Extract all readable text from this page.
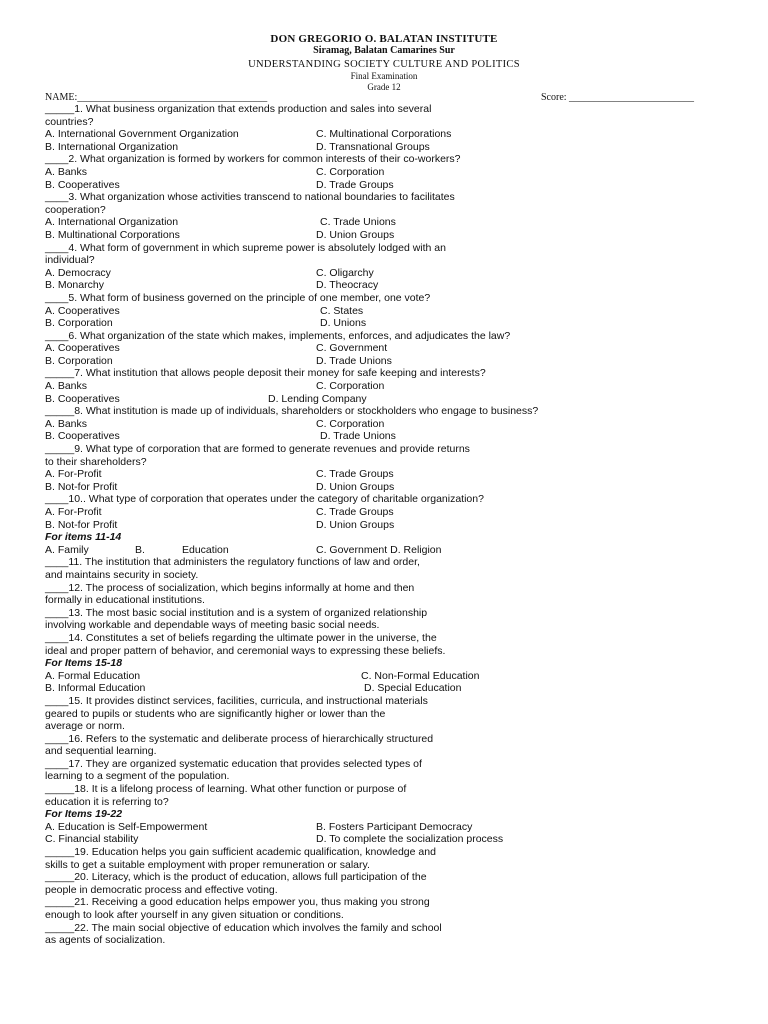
DON GREGORIO O. BALATAN INSTITUTE
Siramag, Balatan Camarines Sur
UNDERSTANDING SOCIETY CULTURE AND POLITICS
Final Examination
Grade 12
NAME:______________________________________	Score: _________________________
_____1. What business organization that extends production and sales into several
countries?
A. International Government Organization	C. Multinational Corporations
B. International Organization	D. Transnational Groups
____2. What organization is formed by workers for common interests of their co-workers?
A. Banks	C. Corporation
B. Cooperatives	D. Trade Groups
____3. What organization whose activities transcend to national boundaries to facilitates
cooperation?
A. International Organization	C. Trade Unions
B. Multinational Corporations	D. Union Groups
____4. What form of government in which supreme power is absolutely lodged with an
individual?
A. Democracy	C. Oligarchy
B. Monarchy	D. Theocracy
____5. What form of business governed on the principle of one member, one vote?
A. Cooperatives	C. States
B. Corporation	D. Unions
____6. What organization of the state which makes, implements, enforces, and adjudicates the law?
A. Cooperatives	C. Government
B. Corporation	D. Trade Unions
_____7. What institution that allows people deposit their money for safe keeping and interests?
A. Banks	C. Corporation
B. Cooperatives	D. Lending Company
_____8. What institution is made up of individuals, shareholders or stockholders who engage to business?
A. Banks	C. Corporation
B. Cooperatives	D. Trade Unions
_____9. What type of corporation that are formed to generate revenues and provide returns
to their shareholders?
A. For-Profit	C. Trade Groups
B. Not-for Profit	D. Union Groups
____10.. What type of corporation that operates under the category of charitable organization?
A. For-Profit	C. Trade Groups
B. Not-for Profit	D. Union Groups
For items 11-14
A. Family	B.	Education	C. Government D. Religion
____11. The institution that administers the regulatory functions of law and order,
and maintains security in society.
____12. The process of socialization, which begins informally at home and then
formally in educational institutions.
____13. The most basic social institution and is a system of organized relationship
involving workable and dependable ways of meeting basic social needs.
____14. Constitutes a set of beliefs regarding the ultimate power in the universe, the
ideal and proper pattern of behavior, and ceremonial ways to expressing these beliefs.
For Items 15-18
A. Formal Education	C. Non-Formal Education
B. Informal Education	D. Special Education
____15. It provides distinct services, facilities, curricula, and instructional materials
geared to pupils or students who are significantly higher or lower than the
average or norm.
____16. Refers to the systematic and deliberate process of hierarchically structured
and sequential learning.
____17. They are organized systematic education that provides selected types of
learning to a segment of the population.
_____18. It is a lifelong process of learning. What other function or purpose of
education it is referring to?
For Items 19-22
A. Education is Self-Empowerment	B. Fosters Participant Democracy
C. Financial stability	D. To complete the socialization process
_____19. Education helps you gain sufficient academic qualification, knowledge and
skills to get a suitable employment with proper remuneration or salary.
_____20. Literacy, which is the product of education, allows full participation of the
people in democratic process and effective voting.
_____21. Receiving a good education helps empower you, thus making you strong
enough to look after yourself in any given situation or conditions.
_____22. The main social objective of education which involves the family and school
as agents of socialization.
